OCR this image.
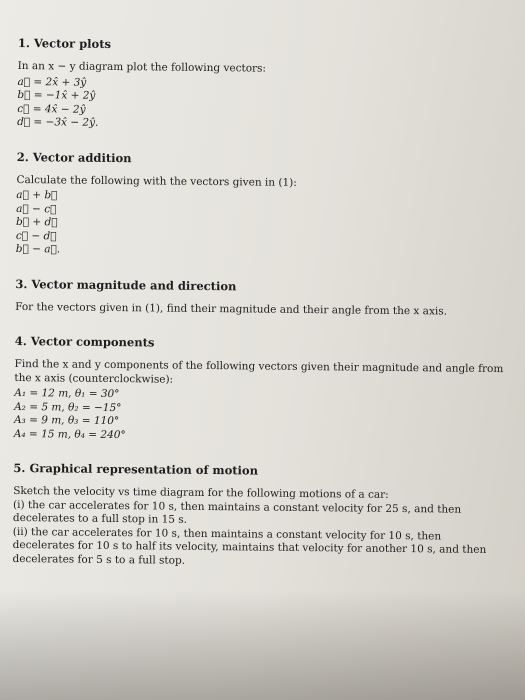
1. Vector plots

In an x − y diagram plot the following vectors:

a⃗ = 2x̂ + 3ŷ

b⃗ = −1x̂ + 2ŷ

c⃗ = 4x̂ − 2ŷ

d⃗ = −3x̂ − 2ŷ.

2. Vector addition

Calculate the following with the vectors given in (1):

a⃗ + b⃗

a⃗ − c⃗

b⃗ + d⃗

c⃗ − d⃗

b⃗ − a⃗.

3. Vector magnitude and direction

For the vectors given in (1), find their magnitude and their angle from the x axis.

4. Vector components

Find the x and y components of the following vectors given their magnitude and angle from the x axis (counterclockwise):

A₁ = 12 m, θ₁ = 30°

A₂ = 5 m, θ₂ = −15°

A₃ = 9 m, θ₃ = 110°

A₄ = 15 m, θ₄ = 240°

5. Graphical representation of motion

Sketch the velocity vs time diagram for the following motions of a car:

(i) the car accelerates for 10 s, then maintains a constant velocity for 25 s, and then decelerates to a full stop in 15 s.

(ii) the car accelerates for 10 s, then maintains a constant velocity for 10 s, then decelerates for 10 s to half its velocity, maintains that velocity for another 10 s, and then decelerates for 5 s to a full stop.
